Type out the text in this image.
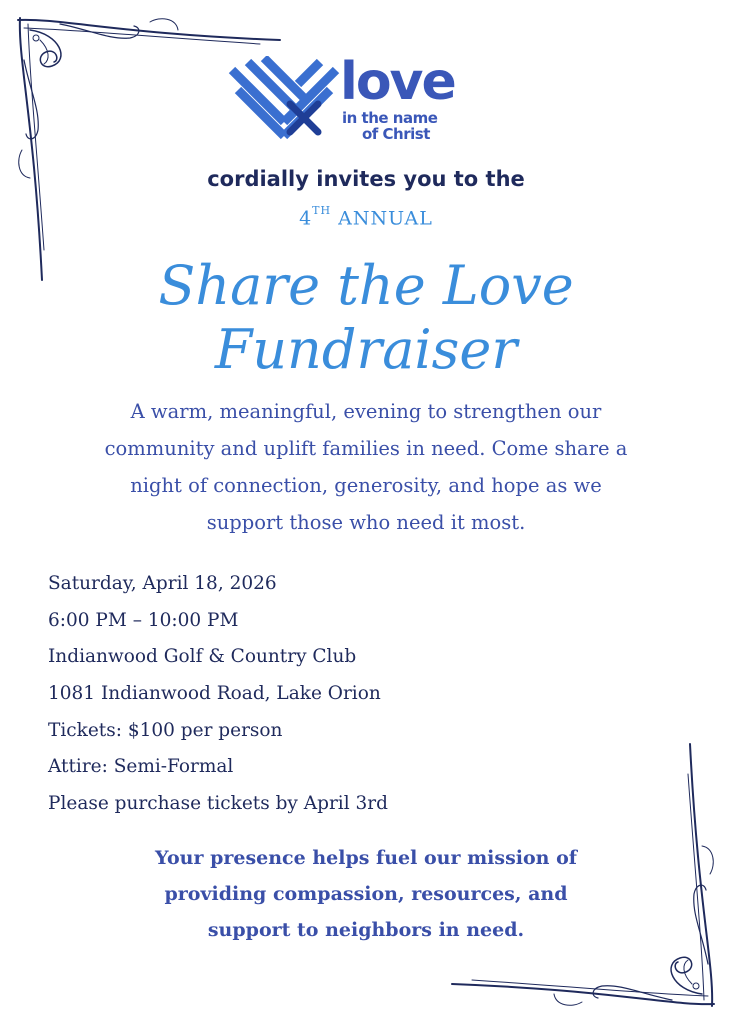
love
in the name
of Christ
cordially invites you to the
4TH ANNUAL
Share the Love
Fundraiser
A warm, meaningful, evening to strengthen our
community and uplift families in need. Come share a
night of connection, generosity, and hope as we
support those who need it most.
Saturday, April 18, 2026
6:00 PM – 10:00 PM
Indianwood Golf & Country Club
1081 Indianwood Road, Lake Orion
Tickets: $100 per person
Attire: Semi-Formal
Please purchase tickets by April 3rd
Your presence helps fuel our mission of
providing compassion, resources, and
support to neighbors in need.
